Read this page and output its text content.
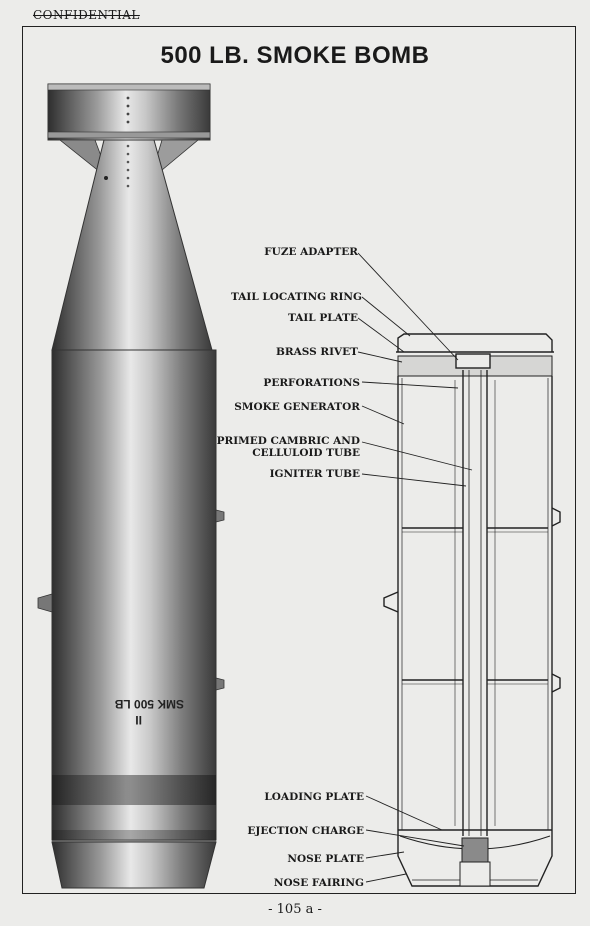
CONFIDENTIAL
500 LB. SMOKE BOMB
SMK 500 LB
II
FUZE ADAPTER
TAIL LOCATING RING
TAIL PLATE
BRASS RIVET
PERFORATIONS
SMOKE GENERATOR
PRIMED CAMBRIC AND
CELLULOID TUBE
IGNITER TUBE
LOADING PLATE
EJECTION CHARGE
NOSE PLATE
NOSE FAIRING
- 105 a -
